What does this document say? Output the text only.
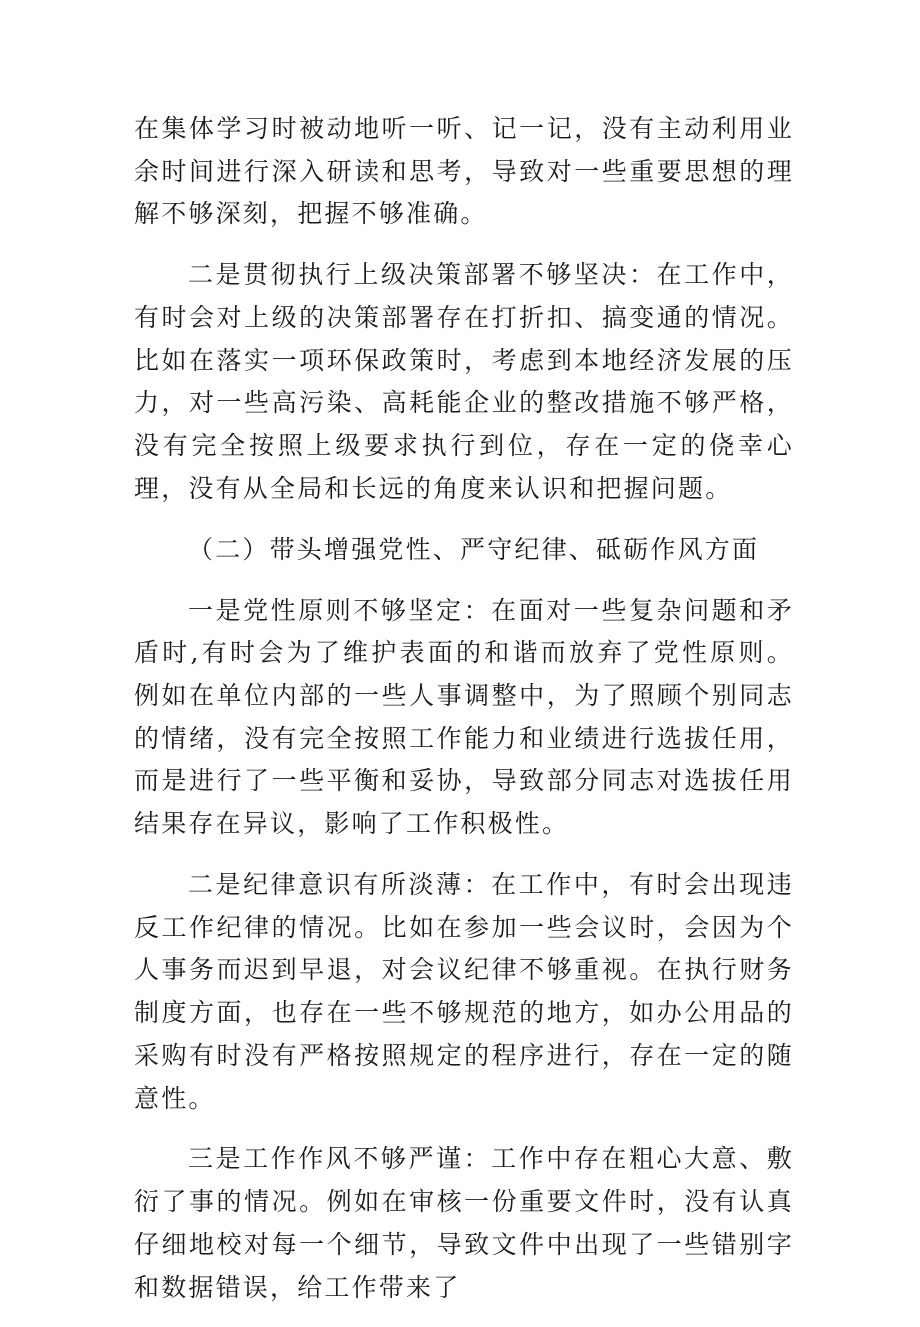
在集体学习时被动地听一听、记一记，没有主动利用业余时间进行深入研读和思考，导致对一些重要思想的理解不够深刻，把握不够准确。

二是贯彻执行上级决策部署不够坚决：在工作中，有时会对上级的决策部署存在打折扣、搞变通的情况。比如在落实一项环保政策时，考虑到本地经济发展的压力，对一些高污染、高耗能企业的整改措施不够严格，没有完全按照上级要求执行到位，存在一定的侥幸心理，没有从全局和长远的角度来认识和把握问题。

（二）带头增强党性、严守纪律、砥砺作风方面

一是党性原则不够坚定：在面对一些复杂问题和矛盾时,有时会为了维护表面的和谐而放弃了党性原则。例如在单位内部的一些人事调整中，为了照顾个别同志的情绪，没有完全按照工作能力和业绩进行选拔任用，而是进行了一些平衡和妥协，导致部分同志对选拔任用结果存在异议，影响了工作积极性。

二是纪律意识有所淡薄：在工作中，有时会出现违反工作纪律的情况。比如在参加一些会议时，会因为个人事务而迟到早退，对会议纪律不够重视。在执行财务制度方面，也存在一些不够规范的地方，如办公用品的采购有时没有严格按照规定的程序进行，存在一定的随意性。

三是工作作风不够严谨：工作中存在粗心大意、敷衍了事的情况。例如在审核一份重要文件时，没有认真仔细地校对每一个细节，导致文件中出现了一些错别字和数据错误，给工作带来了
